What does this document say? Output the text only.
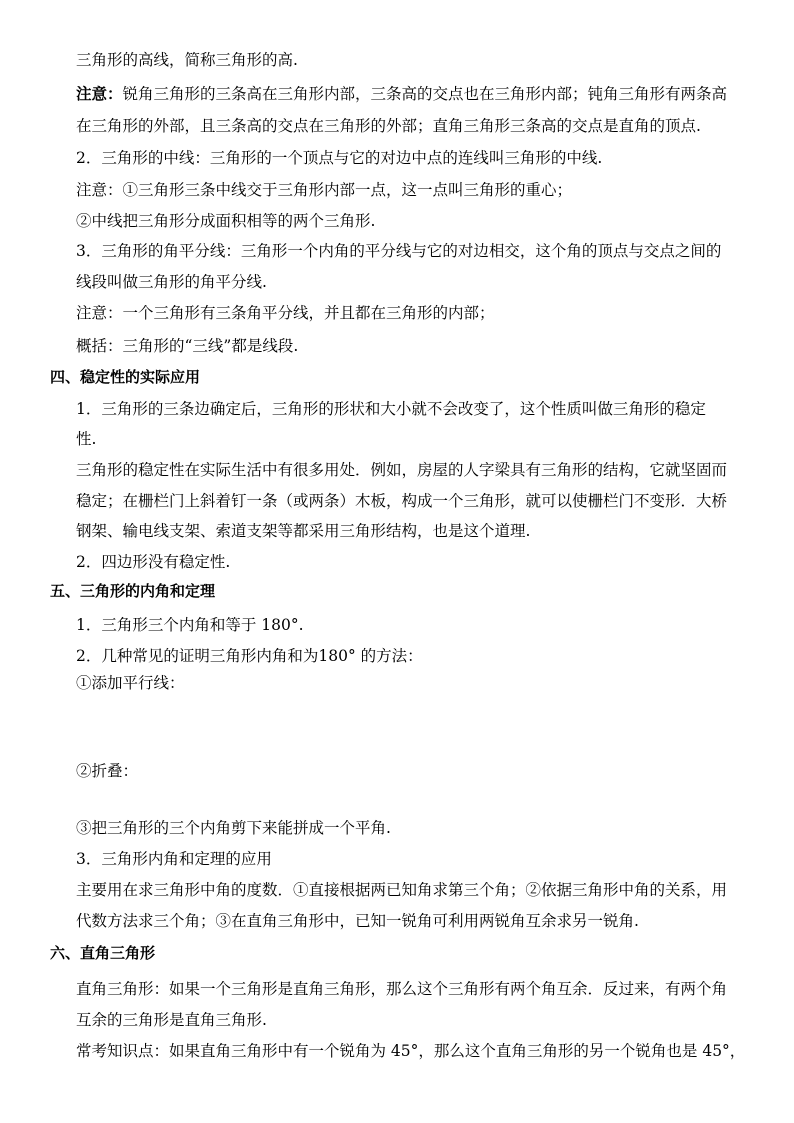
三角形的高线，简称三角形的高.
注意：锐角三角形的三条高在三角形内部，三条高的交点也在三角形内部；钝角三角形有两条高
在三角形的外部，且三条高的交点在三角形的外部；直角三角形三条高的交点是直角的顶点.
2．三角形的中线：三角形的一个顶点与它的对边中点的连线叫三角形的中线.
注意：①三角形三条中线交于三角形内部一点，这一点叫三角形的重心；
②中线把三角形分成面积相等的两个三角形.
3．三角形的角平分线：三角形一个内角的平分线与它的对边相交，这个角的顶点与交点之间的
线段叫做三角形的角平分线.
注意：一个三角形有三条角平分线，并且都在三角形的内部；
概括：三角形的“三线”都是线段.
四、稳定性的实际应用
1．三角形的三条边确定后，三角形的形状和大小就不会改变了，这个性质叫做三角形的稳定
性.
三角形的稳定性在实际生活中有很多用处．例如，房屋的人字梁具有三角形的结构，它就坚固而
稳定；在栅栏门上斜着钉一条（或两条）木板，构成一个三角形，就可以使栅栏门不变形．大桥
钢架、输电线支架、索道支架等都采用三角形结构，也是这个道理.
2．四边形没有稳定性.
五、三角形的内角和定理
1．三角形三个内角和等于 180°.
2．几种常见的证明三角形内角和为180° 的方法：
①添加平行线：
②折叠：
③把三角形的三个内角剪下来能拼成一个平角.
3．三角形内角和定理的应用
主要用在求三角形中角的度数．①直接根据两已知角求第三个角；②依据三角形中角的关系，用
代数方法求三个角；③在直角三角形中，已知一锐角可利用两锐角互余求另一锐角.
六、直角三角形
直角三角形：如果一个三角形是直角三角形，那么这个三角形有两个角互余．反过来，有两个角
互余的三角形是直角三角形.
常考知识点：如果直角三角形中有一个锐角为 45°，那么这个直角三角形的另一个锐角也是 45°，
